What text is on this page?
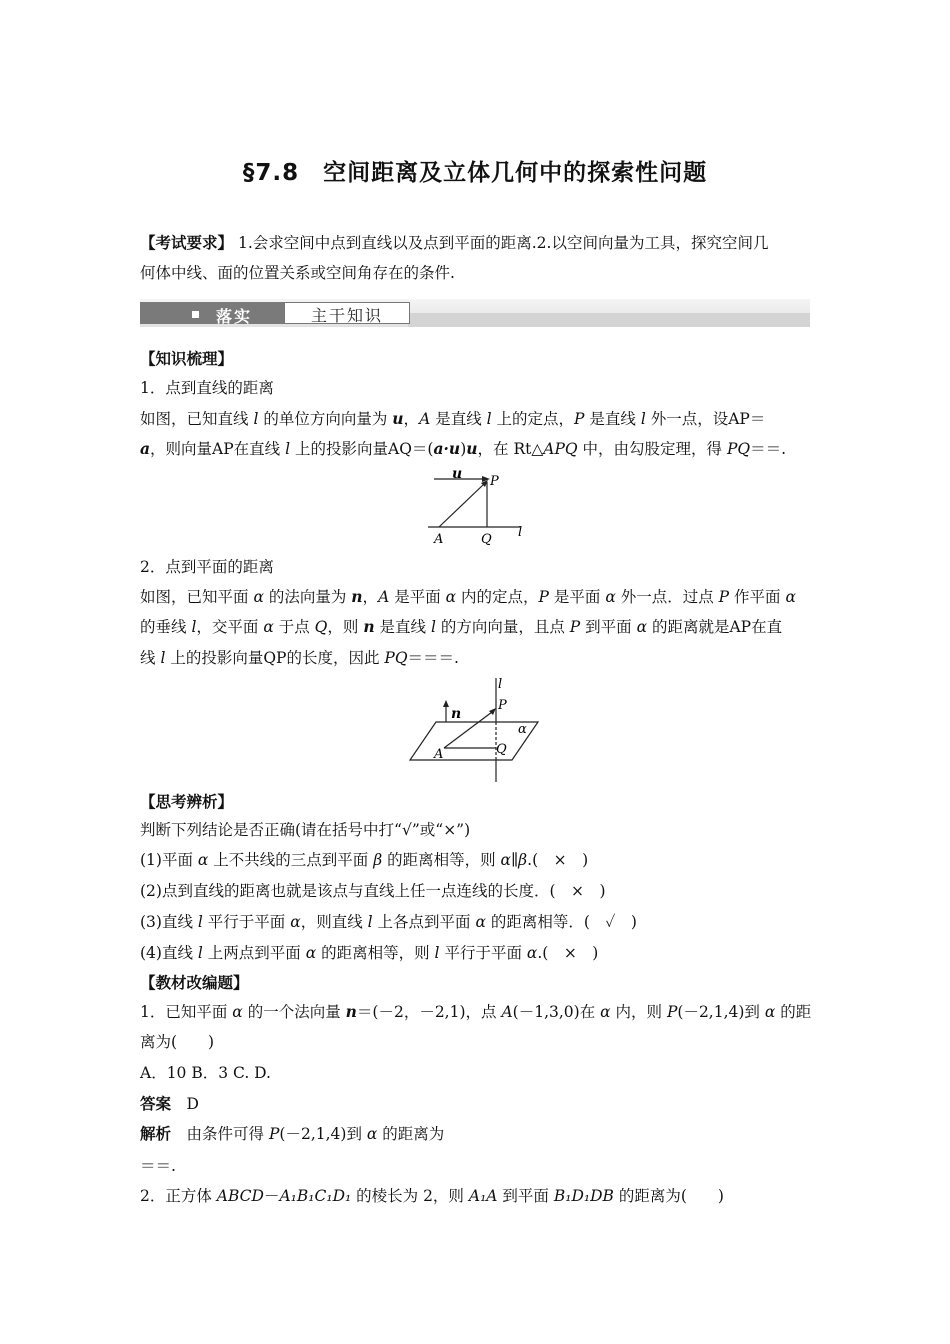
§7.8　空间距离及立体几何中的探索性问题
【考试要求】 1.会求空间中点到直线以及点到平面的距离.2.以空间向量为工具，探究空间几
何体中线、面的位置关系或空间角存在的条件.
落实	主干知识
【知识梳理】
1．点到直线的距离
如图，已知直线 l 的单位方向向量为 u，A 是直线 l 上的定点，P 是直线 l 外一点，设AP＝
a，则向量AP在直线 l 上的投影向量AQ＝(a·u)u，在 Rt△APQ 中，由勾股定理，得 PQ＝＝.
u P
A	Q l
2．点到平面的距离
如图，已知平面 α 的法向量为 n，A 是平面 α 内的定点，P 是平面 α 外一点．过点 P 作平面 α
的垂线 l，交平面 α 于点 Q，则 n 是直线 l 的方向向量，且点 P 到平面 α 的距离就是AP在直
线 l 上的投影向量QP的长度，因此 PQ＝＝＝.
l
n
P
α
A	Q
【思考辨析】
判断下列结论是否正确(请在括号中打“√”或“×”)
(1)平面 α 上不共线的三点到平面 β 的距离相等，则 α∥β.(　×　)
(2)点到直线的距离也就是该点与直线上任一点连线的长度．(　×　)
(3)直线 l 平行于平面 α，则直线 l 上各点到平面 α 的距离相等．(　✓　)
(4)直线 l 上两点到平面 α 的距离相等，则 l 平行于平面 α.(　×　)
【教材改编题】
1．已知平面 α 的一个法向量 n＝(－2，－2,1)，点 A(－1,3,0)在 α 内，则 P(－2,1,4)到 α 的距
离为(　　)
A．10 B．3 C. D.
答案　 D
解析　 由条件可得 P(－2,1,4)到 α 的距离为
＝＝.
2．正方体 ABCD－A₁B₁C₁D₁ 的棱长为 2，则 A₁A 到平面 B₁D₁DB 的距离为(　　)
